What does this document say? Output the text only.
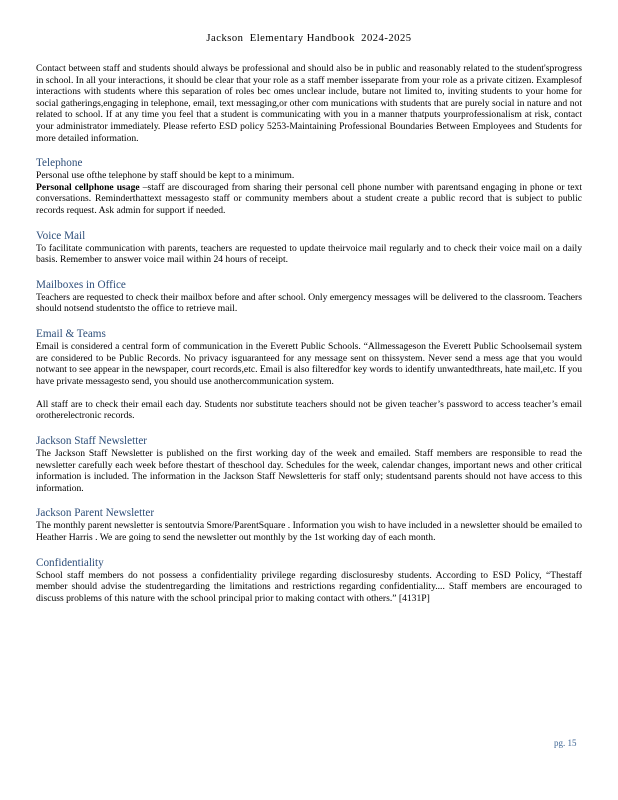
Jackson  Elementary Handbook  2024-2025

Contact between staff and students should always be professional and should also be in public and reasonably related to the student'sprogress in school. In all your interactions, it should be clear that your role as a staff member isseparate from your role as a private citizen. Examplesof interactions with students where this separation of roles bec omes unclear include, butare not limited to, inviting students to your home for social gatherings,engaging in telephone, email, text messaging,or other com munications with students that are purely social in nature and not related to school. If at any time you feel that a student is communicating with you in a manner thatputs yourprofessionalism at risk, contact your administrator immediately. Please referto ESD policy 5253-Maintaining Professional Boundaries Between Employees and Students for more detailed information.

Telephone

Personal use ofthe telephone by staff should be kept to a minimum.

Personal cellphone usage –staff are discouraged from sharing their personal cell phone number with parentsand engaging in phone or text conversations. Reminderthattext messagesto staff or community members about a student create a public record that is subject to public records request. Ask admin for support if needed.

Voice Mail

To facilitate communication with parents, teachers are requested to update theirvoice mail regularly and to check their voice mail on a daily basis. Remember to answer voice mail within 24 hours of receipt.

Mailboxes in Office

Teachers are requested to check their mailbox before and after school. Only emergency messages will be delivered to the classroom. Teachers should notsend studentsto the office to retrieve mail.

Email & Teams

Email is considered a central form of communication in the Everett Public Schools. “Allmessageson the Everett Public Schoolsemail system are considered to be Public Records. No privacy isguaranteed for any message sent on thissystem. Never send a mess age that you would notwant to see appear in the newspaper, court records,etc. Email is also filteredfor key words to identify unwantedthreats, hate mail,etc. If you have private messagesto send, you should use anothercommunication system.

All staff are to check their email each day. Students nor substitute teachers should not be given teacher’s password to access teacher’s email orotherelectronic records.

Jackson Staff Newsletter

The Jackson Staff Newsletter is published on the first working day of the week and emailed. Staff members are responsible to read the newsletter carefully each week before thestart of theschool day. Schedules for the week, calendar changes, important news and other critical information is included. The information in the Jackson Staff Newsletteris for staff only; studentsand parents should not have access to this information.

Jackson Parent Newsletter

The monthly parent newsletter is sentoutvia Smore/ParentSquare . Information you wish to have included in a newsletter should be emailed to Heather Harris . We are going to send the newsletter out monthly by the 1st working day of each month.

Confidentiality

School staff members do not possess a confidentiality privilege regarding disclosuresby students. According to ESD Policy, “Thestaff member should advise the studentregarding the limitations and restrictions regarding confidentiality.... Staff members are encouraged to discuss problems of this nature with the school principal prior to making contact with others.” [4131P]

pg. 15
